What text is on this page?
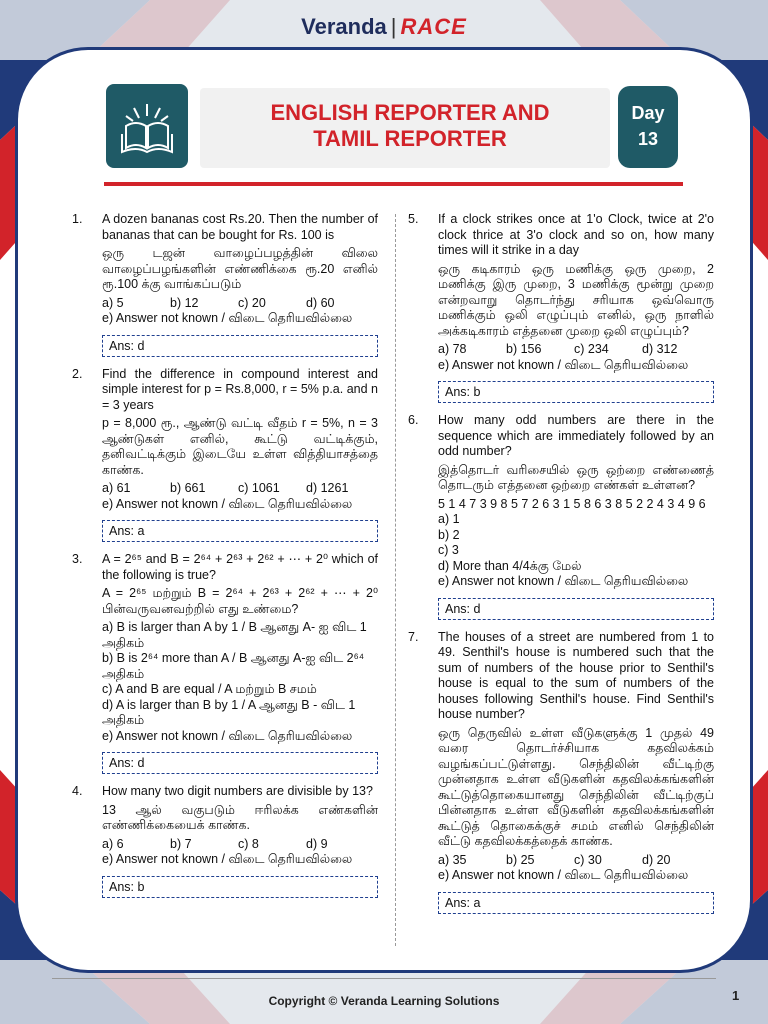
Veranda | RACE
ENGLISH REPORTER AND
TAMIL REPORTER
Day
13
1. A dozen bananas cost Rs.20. Then the number of bananas that can be bought for Rs. 100 is

ஒரு டஜன் வாழைப்பழத்தின் விலை வாழைப்பழங்களின் எண்ணிக்கை ரூ.20 எனில் ரூ.100 க்கு வாங்கப்படும்

a) 5	b) 12	c) 20	d) 60
e) Answer not known / விடை தெரியவில்லை
Ans: d
2. Find the difference in compound interest and simple interest for p = Rs.8,000, r = 5% p.a. and n = 3 years

p = 8,000 ரூ., ஆண்டு வட்டி வீதம் r = 5%, n = 3 ஆண்டுகள் எனில், கூட்டு வட்டிக்கும், தனிவட்டிக்கும் இடையே உள்ள வித்தியாசத்தை காண்க.

a) 61	b) 661	c) 1061	d) 1261
e) Answer not known / விடை தெரியவில்லை
Ans: a
3. A = 2⁶⁵ and B = 2⁶⁴ + 2⁶³ + 2⁶² + ⋯ + 2⁰ which of the following is true?

A = 2⁶⁵ மற்றும் B = 2⁶⁴ + 2⁶³ + 2⁶² + ⋯ + 2⁰ பின்வருவனவற்றில் எது உண்மை?

a) B is larger than A by 1 / B ஆனது A- ஐ விட 1 அதிகம்
b) B is 2⁶⁴ more than A / B ஆனது A-ஐ விட 2⁶⁴ அதிகம்
c) A and B are equal / A மற்றும் B சமம்
d) A is larger than B by 1 / A ஆனது B - விட 1 அதிகம்
e) Answer not known / விடை தெரியவில்லை
Ans: d
4. How many two digit numbers are divisible by 13?

13 ஆல் வகுபடும் ஈரிலக்க எண்களின் எண்ணிக்கையைக் காண்க.

a) 6	b) 7	c) 8	d) 9
e) Answer not known / விடை தெரியவில்லை
Ans: b
5. If a clock strikes once at 1'o Clock, twice at 2'o clock thrice at 3'o clock and so on, how many times will it strike in a day

ஒரு கடிகாரம் ஒரு மணிக்கு ஒரு முறை, 2 மணிக்கு இரு முறை, 3 மணிக்கு மூன்று முறை என்றவாறு தொடர்ந்து சரியாக ஒவ்வொரு மணிக்கும் ஒலி எழுப்பும் எனில், ஒரு நாளில் அக்கடிகாரம் எத்தனை முறை ஒலி எழுப்பும்?

a) 78	b) 156	c) 234	d) 312
e) Answer not known / விடை தெரியவில்லை
Ans: b
6. How many odd numbers are there in the sequence which are immediately followed by an odd number?

இத்தொடர் வரிசையில் ஒரு ஒற்றை எண்ணைத் தொடரும் எத்தனை ஒற்றை எண்கள் உள்ளன?

5 1 4 7 3 9 8 5 7 2 6 3 1 5 8 6 3 8 5 2 2 4 3 4 9 6
a) 1
b) 2
c) 3
d) More than 4/4க்கு மேல்
e) Answer not known / விடை தெரியவில்லை
Ans: d
7. The houses of a street are numbered from 1 to 49. Senthil's house is numbered such that the sum of numbers of the house prior to Senthil's house is equal to the sum of numbers of the houses following Senthil's house. Find Senthil's house number?

ஒரு தெருவில் உள்ள வீடுகளுக்கு 1 முதல் 49 வரை தொடர்ச்சியாக கதவிலக்கம் வழங்கப்பட்டுள்ளது. செந்திலின் வீட்டிற்கு முன்னதாக உள்ள வீடுகளின் கதவிலக்கங்களின் கூட்டுத்தொகையானது செந்திலின் வீட்டிற்குப் பின்னதாக உள்ள வீடுகளின் கதவிலக்கங்களின் கூட்டுத் தொகைக்குச் சமம் எனில் செந்திலின் வீட்டு கதவிலக்கத்தைக் காண்க.

a) 35	b) 25	c) 30	d) 20
e) Answer not known / விடை தெரியவில்லை
Ans: a
Copyright © Veranda Learning Solutions	1
